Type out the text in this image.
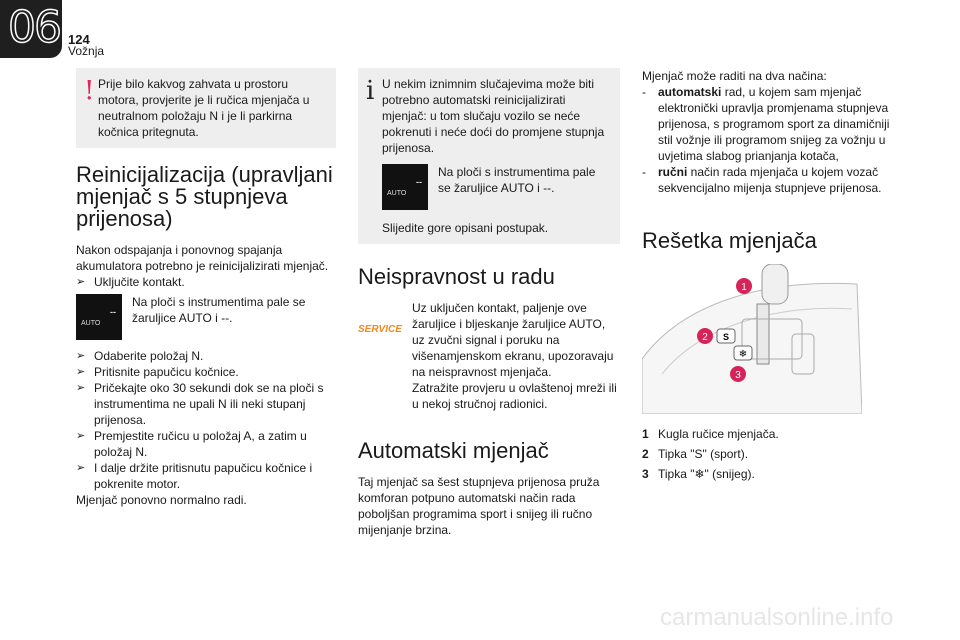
06 124
Vožnja
! Prije bilo kakvog zahvata u prostoru motora, provjerite je li ručica mjenjača u neutralnom položaju N i je li parkirna kočnica pritegnuta.
Reinicijalizacija (upravljani mjenjač s 5 stupnjeva prijenosa)
Nakon odspajanja i ponovnog spajanja akumulatora potrebno je reinicijalizirati mjenjač.
➢ Uključite kontakt.
AUTO
--
Na ploči s instrumentima pale se žaruljice AUTO i --.
➢ Odaberite položaj N.
➢ Pritisnite papučicu kočnice.
➢ Pričekajte oko 30 sekundi dok se na ploči s instrumentima ne upali N ili neki stupanj prijenosa.
➢ Premjestite ručicu u položaj A, a zatim u položaj N.
➢ I dalje držite pritisnutu papučicu kočnice i pokrenite motor.
Mjenjač ponovno normalno radi.
i U nekim iznimnim slučajevima može biti potrebno automatski reinicijalizirati mjenjač: u tom slučaju vozilo se neće pokrenuti i neće doći do promjene stupnja prijenosa.
AUTO
--
Na ploči s instrumentima pale se žaruljice AUTO i --.
Slijedite gore opisani postupak.
Neispravnost u radu
SERVICE
Uz uključen kontakt, paljenje ove žaruljice i bljeskanje žaruljice AUTO, uz zvučni signal i poruku na višenamjenskom ekranu, upozoravaju na neispravnost mjenjača.
Zatražite provjeru u ovlaštenoj mreži ili u nekoj stručnoj radionici.
Automatski mjenjač
Taj mjenjač sa šest stupnjeva prijenosa pruža komforan potpuno automatski način rada poboljšan programima sport i snijeg ili ručno mijenjanje brzina.
Mjenjač može raditi na dva načina:
-	automatski rad, u kojem sam mjenjač elektronički upravlja promjenama stupnjeva prijenosa, s programom sport za dinamičniji stil vožnje ili programom snijeg za vožnju u uvjetima slabog prianjanja kotača,
-	ručni način rada mjenjača u kojem vozač sekvencijalno mijenja stupnjeve prijenosa.
Rešetka mjenjača
S
❄
1
2
3
1 Kugla ručice mjenjača.
2 Tipka "S" (sport).
3 Tipka "❄" (snijeg).
carmanualsonline.info
